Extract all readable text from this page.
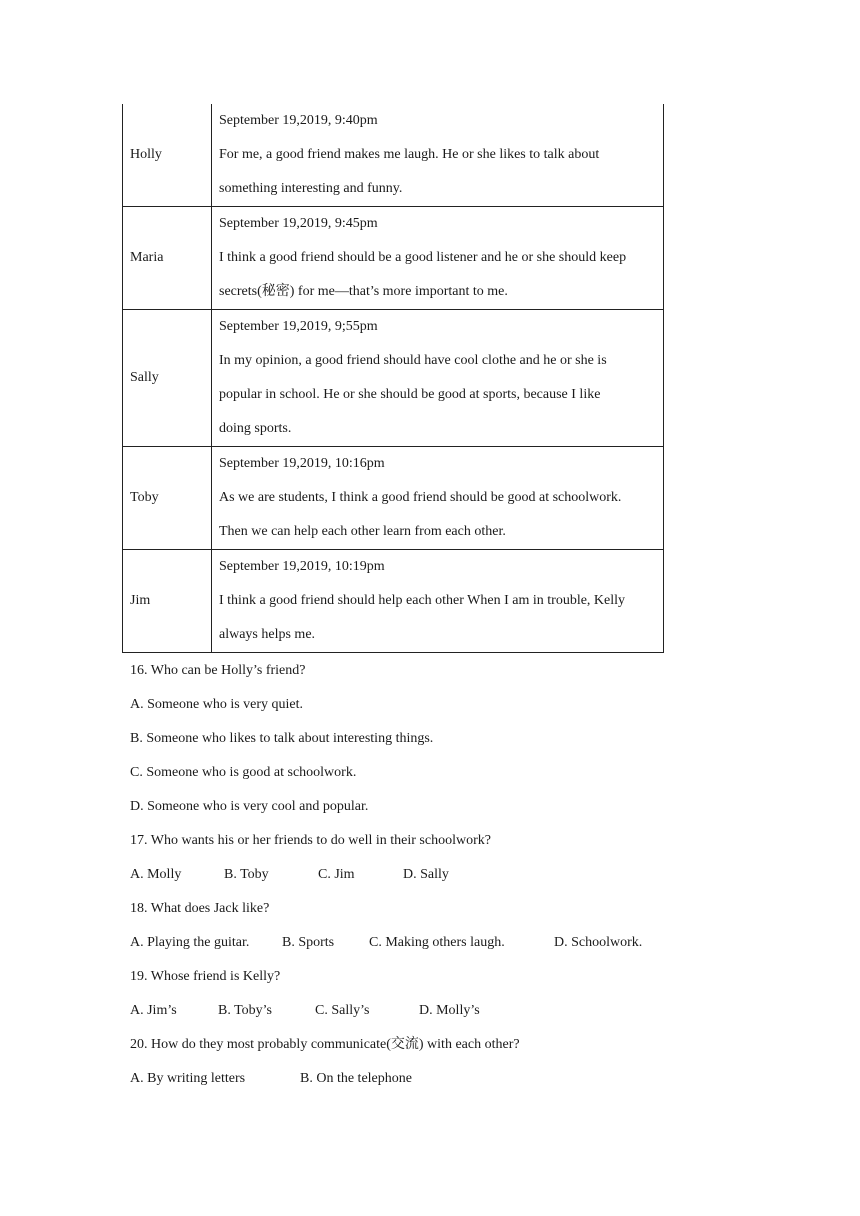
Holly	September 19,2019, 9:40pm
For me, a good friend makes me laugh. He or she likes to talk about
something interesting and funny.

Maria	September 19,2019, 9:45pm
I think a good friend should be a good listener and he or she should keep
secrets(秘密) for me—that’s more important to me.

Sally	September 19,2019, 9;55pm
In my opinion, a good friend should have cool clothe and he or she is
popular in school. He or she should be good at sports, because I like
doing sports.

Toby	September 19,2019, 10:16pm
As we are students, I think a good friend should be good at schoolwork.
Then we can help each other learn from each other.

Jim	September 19,2019, 10:19pm
I think a good friend should help each other When I am in trouble, Kelly
always helps me.
16. Who can be Holly’s friend?
A. Someone who is very quiet.
B. Someone who likes to talk about interesting things.
C. Someone who is good at schoolwork.
D. Someone who is very cool and popular.
17. Who wants his or her friends to do well in their schoolwork?
A. Molly	B. Toby	C. Jim	D. Sally
18. What does Jack like?
A. Playing the guitar. B. Sports C. Making others laugh.	D. Schoolwork.
19. Whose friend is Kelly?
A. Jim’s	B. Toby’s	C. Sally’s	D. Molly’s
20. How do they most probably communicate(交流) with each other?
A. By writing letters	B. On the telephone
